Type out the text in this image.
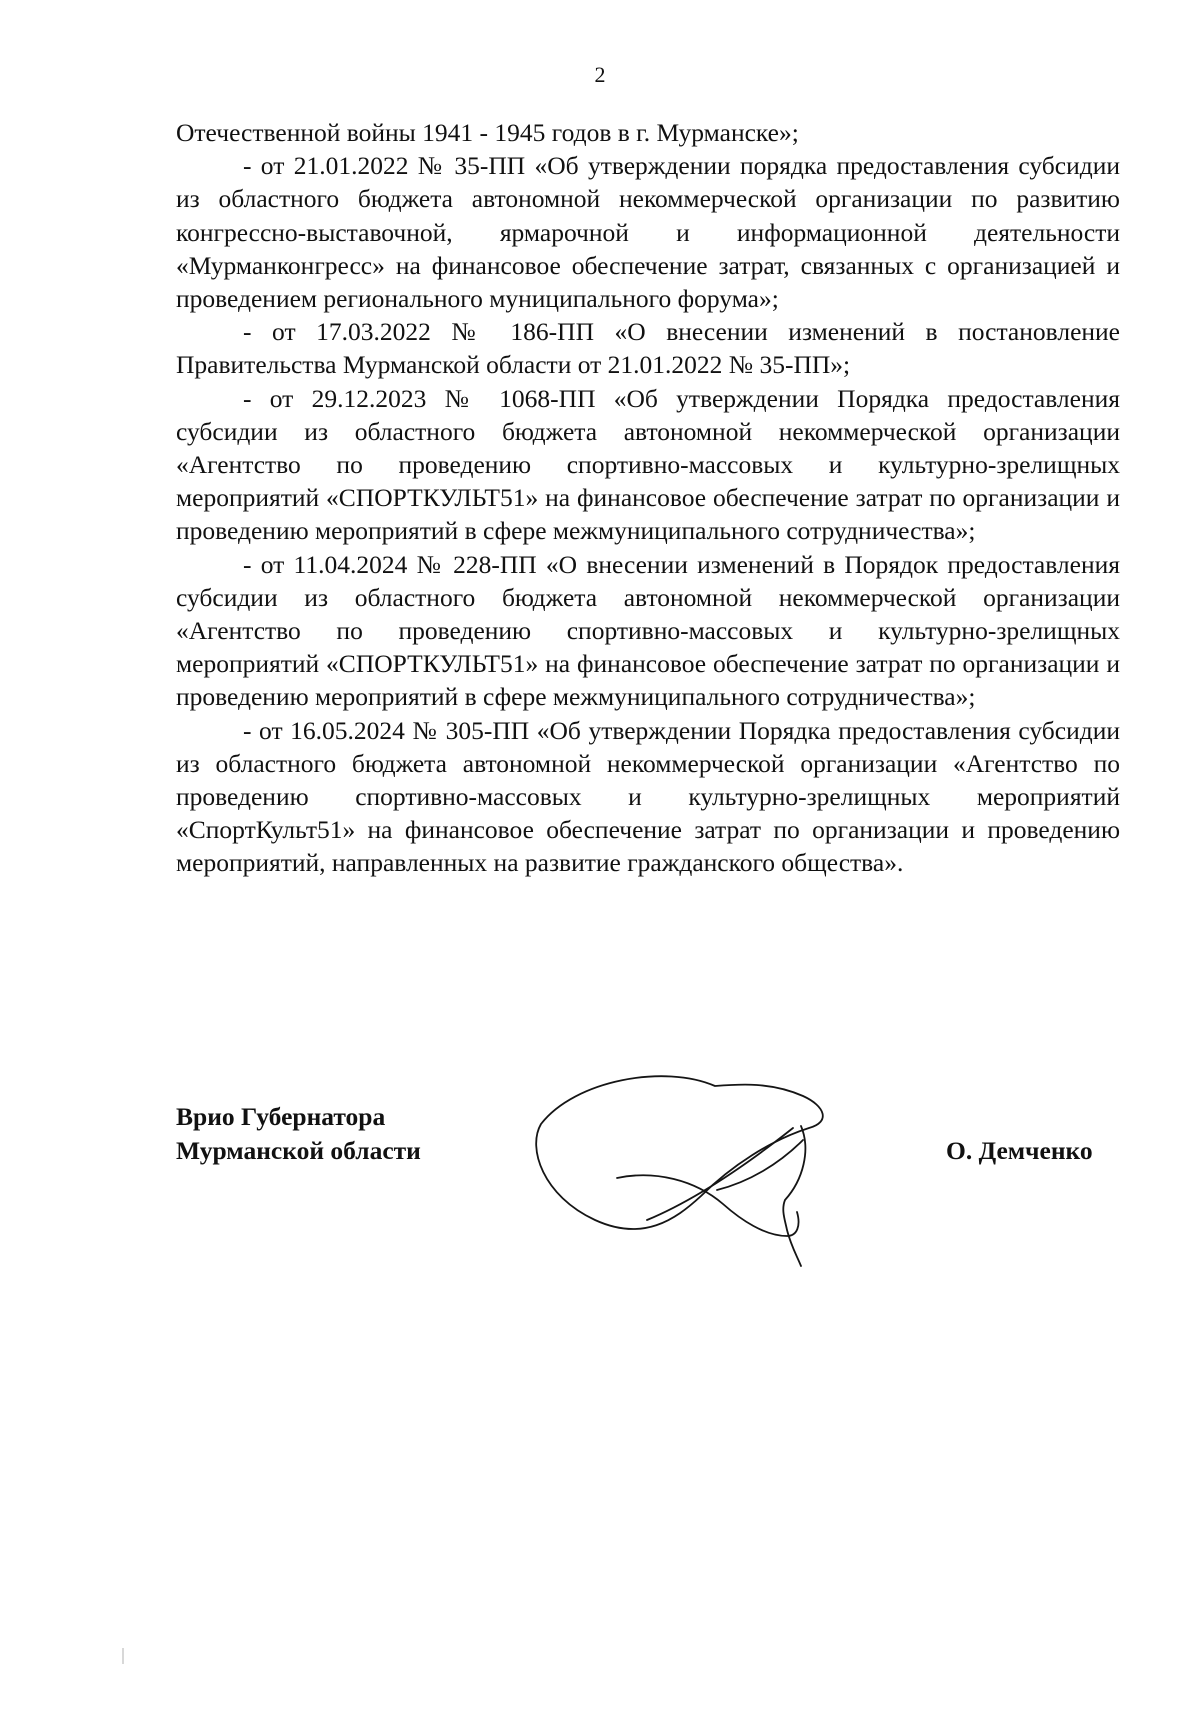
2

Отечественной войны 1941 - 1945 годов в г. Мурманске»;

- от 21.01.2022 № 35-ПП «Об утверждении порядка предоставления субсидии из областного бюджета автономной некоммерческой организации по развитию конгрессно-выставочной, ярмарочной и информационной деятельности «Мурманконгресс» на финансовое обеспечение затрат, связанных с организацией и проведением регионального муниципального форума»;

- от 17.03.2022 № 186-ПП «О внесении изменений в постановление Правительства Мурманской области от 21.01.2022 № 35-ПП»;

- от 29.12.2023 № 1068-ПП «Об утверждении Порядка предоставления субсидии из областного бюджета автономной некоммерческой организации «Агентство по проведению спортивно-массовых и культурно-зрелищных мероприятий «СПОРТКУЛЬТ51» на финансовое обеспечение затрат по организации и проведению мероприятий в сфере межмуниципального сотрудничества»;

- от 11.04.2024 № 228-ПП «О внесении изменений в Порядок предоставления субсидии из областного бюджета автономной некоммерческой организации «Агентство по проведению спортивно-массовых и культурно-зрелищных мероприятий «СПОРТКУЛЬТ51» на финансовое обеспечение затрат по организации и проведению мероприятий в сфере межмуниципального сотрудничества»;

- от 16.05.2024 № 305-ПП «Об утверждении Порядка предоставления субсидии из областного бюджета автономной некоммерческой организации «Агентство по проведению спортивно-массовых и культурно-зрелищных мероприятий «СпортКульт51» на финансовое обеспечение затрат по организации и проведению мероприятий, направленных на развитие гражданского общества».

Врио Губернатора
Мурманской области	О. Демченко
